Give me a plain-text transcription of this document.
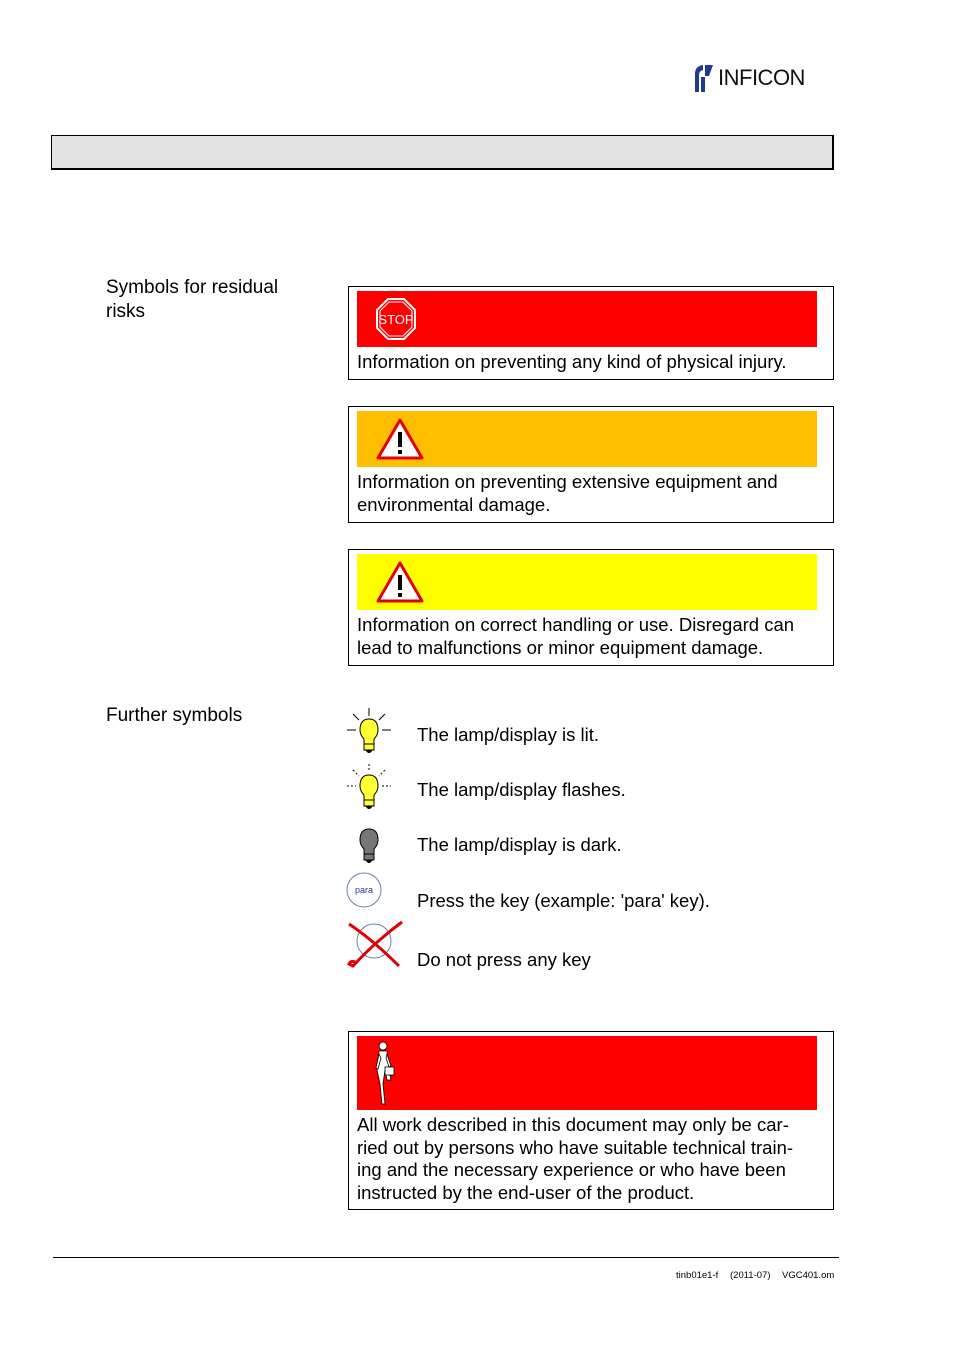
INFICON
Symbols for residual risks
Further symbols
STOP
Information on preventing any kind of physical injury.
Information on preventing extensive equipment and environmental damage.
Information on correct handling or use. Disregard can lead to malfunctions or minor equipment damage.
The lamp/display is lit.
The lamp/display flashes.
The lamp/display is dark.
para Press the key (example: 'para' key).
Do not press any key
All work described in this document may only be car-
ried out by persons who have suitable technical train-
ing and the necessary experience or who have been
instructed by the end-user of the product.
tinb01e1-f (2011-07) VGC401.om
